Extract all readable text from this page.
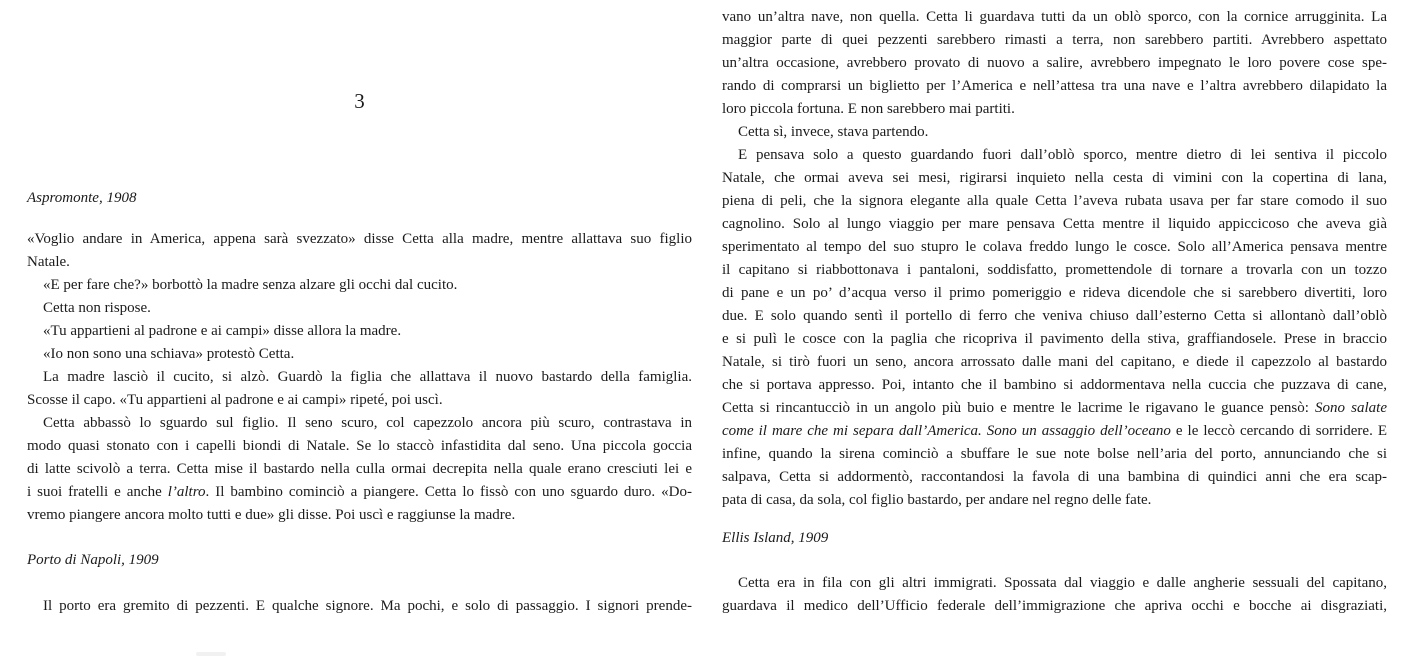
3
Aspromonte, 1908
«Voglio andare in America, appena sarà svezzato» disse Cetta alla madre, mentre allattava suo figlio
Natale.
«E per fare che?» borbottò la madre senza alzare gli occhi dal cucito.
Cetta non rispose.
«Tu appartieni al padrone e ai campi» disse allora la madre.
«Io non sono una schiava» protestò Cetta.
La madre lasciò il cucito, si alzò. Guardò la figlia che allattava il nuovo bastardo della famiglia.
Scosse il capo. «Tu appartieni al padrone e ai campi» ripeté, poi uscì.
Cetta abbassò lo sguardo sul figlio. Il seno scuro, col capezzolo ancora più scuro, contrastava in
modo quasi stonato con i capelli biondi di Natale. Se lo staccò infastidita dal seno. Una piccola goccia
di latte scivolò a terra. Cetta mise il bastardo nella culla ormai decrepita nella quale erano cresciuti lei e
i suoi fratelli e anche l’altro. Il bambino cominciò a piangere. Cetta lo fissò con uno sguardo duro. «Do-
vremo piangere ancora molto tutti e due» gli disse. Poi uscì e raggiunse la madre.
Porto di Napoli, 1909
Il porto era gremito di pezzenti. E qualche signore. Ma pochi, e solo di passaggio. I signori prende-
vano un’altra nave, non quella. Cetta li guardava tutti da un oblò sporco, con la cornice arrugginita. La
maggior parte di quei pezzenti sarebbero rimasti a terra, non sarebbero partiti. Avrebbero aspettato
un’altra occasione, avrebbero provato di nuovo a salire, avrebbero impegnato le loro povere cose spe-
rando di comprarsi un biglietto per l’America e nell’attesa tra una nave e l’altra avrebbero dilapidato la
loro piccola fortuna. E non sarebbero mai partiti.
Cetta sì, invece, stava partendo.
E pensava solo a questo guardando fuori dall’oblò sporco, mentre dietro di lei sentiva il piccolo
Natale, che ormai aveva sei mesi, rigirarsi inquieto nella cesta di vimini con la copertina di lana,
piena di peli, che la signora elegante alla quale Cetta l’aveva rubata usava per far stare comodo il suo
cagnolino. Solo al lungo viaggio per mare pensava Cetta mentre il liquido appiccicoso che aveva già
sperimentato al tempo del suo stupro le colava freddo lungo le cosce. Solo all’America pensava mentre
il capitano si riabbottonava i pantaloni, soddisfatto, promettendole di tornare a trovarla con un tozzo
di pane e un po’ d’acqua verso il primo pomeriggio e rideva dicendole che si sarebbero divertiti, loro
due. E solo quando sentì il portello di ferro che veniva chiuso dall’esterno Cetta si allontanò dall’oblò
e si pulì le cosce con la paglia che ricopriva il pavimento della stiva, graffiandosele. Prese in braccio
Natale, si tirò fuori un seno, ancora arrossato dalle mani del capitano, e diede il capezzolo al bastardo
che si portava appresso. Poi, intanto che il bambino si addormentava nella cuccia che puzzava di cane,
Cetta si rincantucciò in un angolo più buio e mentre le lacrime le rigavano le guance pensò: Sono salate
come il mare che mi separa dall’America. Sono un assaggio dell’oceano e le leccò cercando di sorridere. E
infine, quando la sirena cominciò a sbuffare le sue note bolse nell’aria del porto, annunciando che si
salpava, Cetta si addormentò, raccontandosi la favola di una bambina di quindici anni che era scap-
pata di casa, da sola, col figlio bastardo, per andare nel regno delle fate.
Ellis Island, 1909
Cetta era in fila con gli altri immigrati. Spossata dal viaggio e dalle angherie sessuali del capitano,
guardava il medico dell’Ufficio federale dell’immigrazione che apriva occhi e bocche ai disgraziati,
